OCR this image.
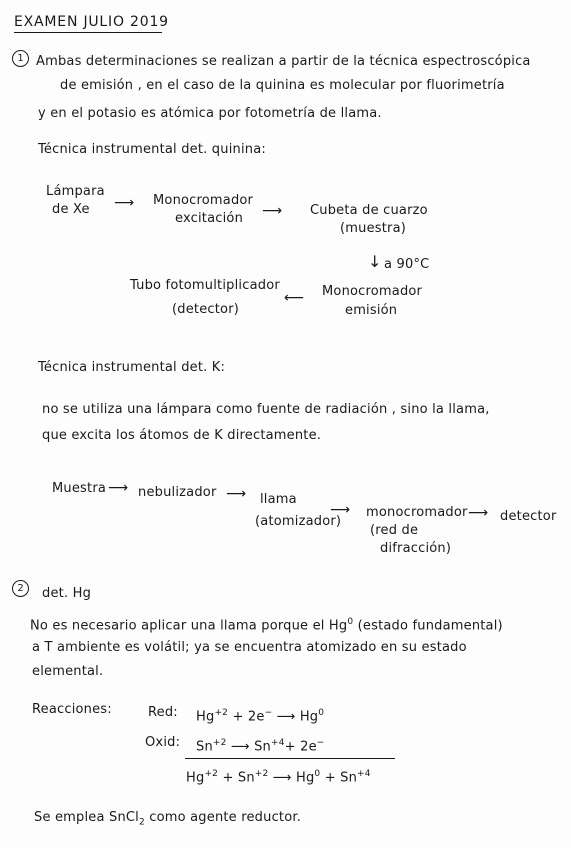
EXAMEN JULIO 2019
1 Ambas determinaciones se realizan a partir de la técnica espectroscópica
de emisión , en el caso de la quinina es molecular por fluorimetría
y en el potasio es atómica por fotometría de llama.
Técnica instrumental det. quinina:
Lámpara
de Xe ⟶ Monocromador
excitación ⟶ Cubeta de cuarzo
(muestra)
↓ a 90°C
Monocromador
emisión
⟵
Tubo fotomultiplicador
(detector)
Técnica instrumental det. K:
no se utiliza una lámpara como fuente de radiación , sino la llama,
que excita los átomos de K directamente.
Muestra ⟶ nebulizador ⟶ llama
(atomizador)
⟶ monocromador
(red de
difracción)
⟶ detector
2	det. Hg
No es necesario aplicar una llama porque el Hg$^0$ (estado fundamental)
a T ambiente es volátil; ya se encuentra atomizado en su estado
elemental.
Reacciones:	Red: $Hg^{+2} + 2e^-$ ⟶ Hg$^0$
Oxid: $Sn^{+2}$ ⟶ $Sn^{+4}+ 2e^-$
$Hg^{+2} + Sn^{+2}$ ⟶ $Hg^0 + Sn^{+4}$
Se emplea SnCl$_2$ como agente reductor.
